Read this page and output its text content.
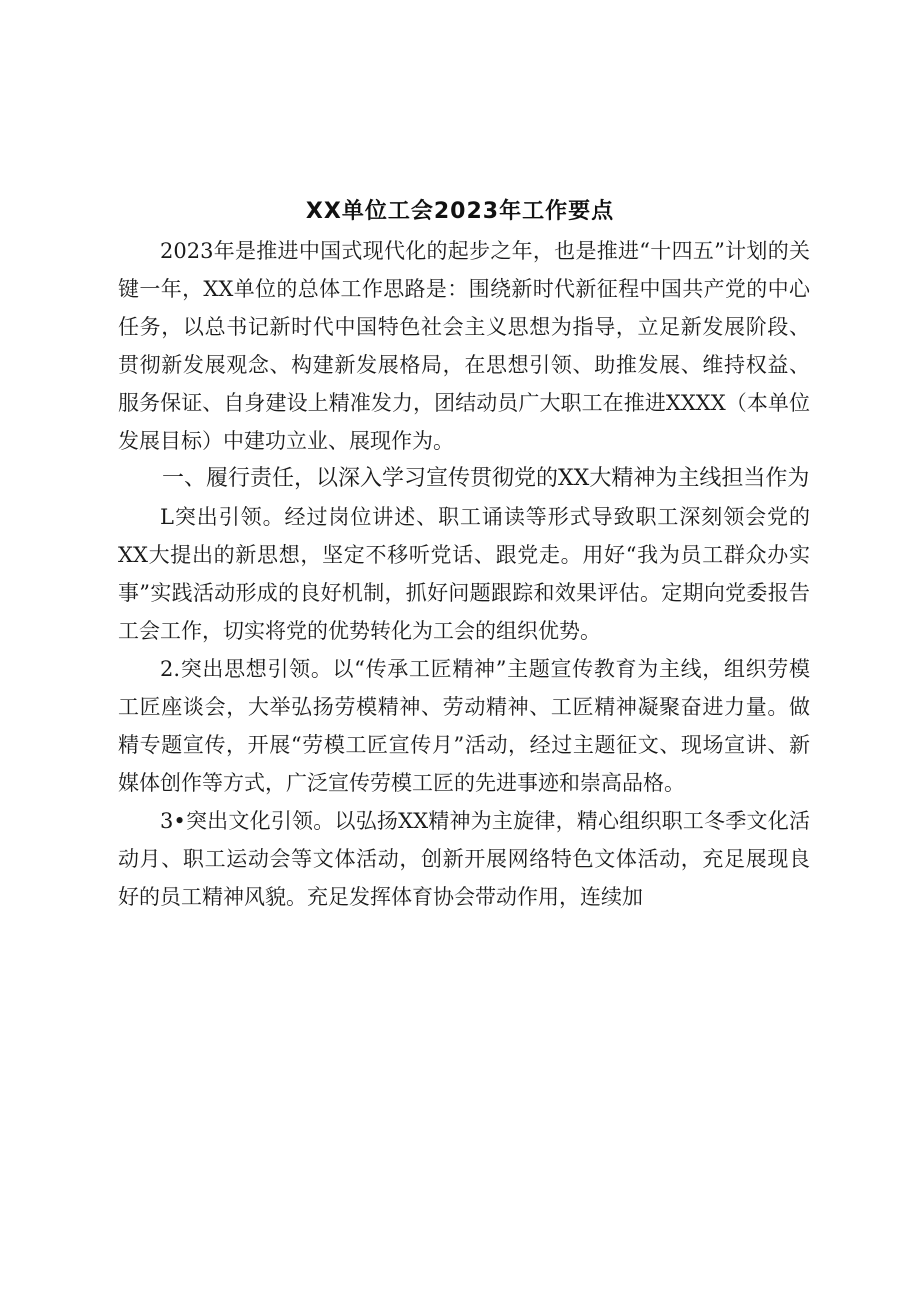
XX单位工会2023年工作要点

2023年是推进中国式现代化的起步之年，也是推进“十四五”计划的关键一年，XX单位的总体工作思路是：围绕新时代新征程中国共产党的中心任务，以总书记新时代中国特色社会主义思想为指导，立足新发展阶段、贯彻新发展观念、构建新发展格局，在思想引领、助推发展、维持权益、服务保证、自身建设上精准发力，团结动员广大职工在推进XXXX（本单位发展目标）中建功立业、展现作为。

一、履行责任，以深入学习宣传贯彻党的XX大精神为主线担当作为

L突出引领。经过岗位讲述、职工诵读等形式导致职工深刻领会党的XX大提出的新思想，坚定不移听党话、跟党走。用好“我为员工群众办实事”实践活动形成的良好机制，抓好问题跟踪和效果评估。定期向党委报告工会工作，切实将党的优势转化为工会的组织优势。

2.突出思想引领。以“传承工匠精神”主题宣传教育为主线，组织劳模工匠座谈会，大举弘扬劳模精神、劳动精神、工匠精神凝聚奋进力量。做精专题宣传，开展“劳模工匠宣传月”活动，经过主题征文、现场宣讲、新媒体创作等方式，广泛宣传劳模工匠的先进事迹和崇高品格。

3•突出文化引领。以弘扬XX精神为主旋律，精心组织职工冬季文化活动月、职工运动会等文体活动，创新开展网络特色文体活动，充足展现良好的员工精神风貌。充足发挥体育协会带动作用，连续加
